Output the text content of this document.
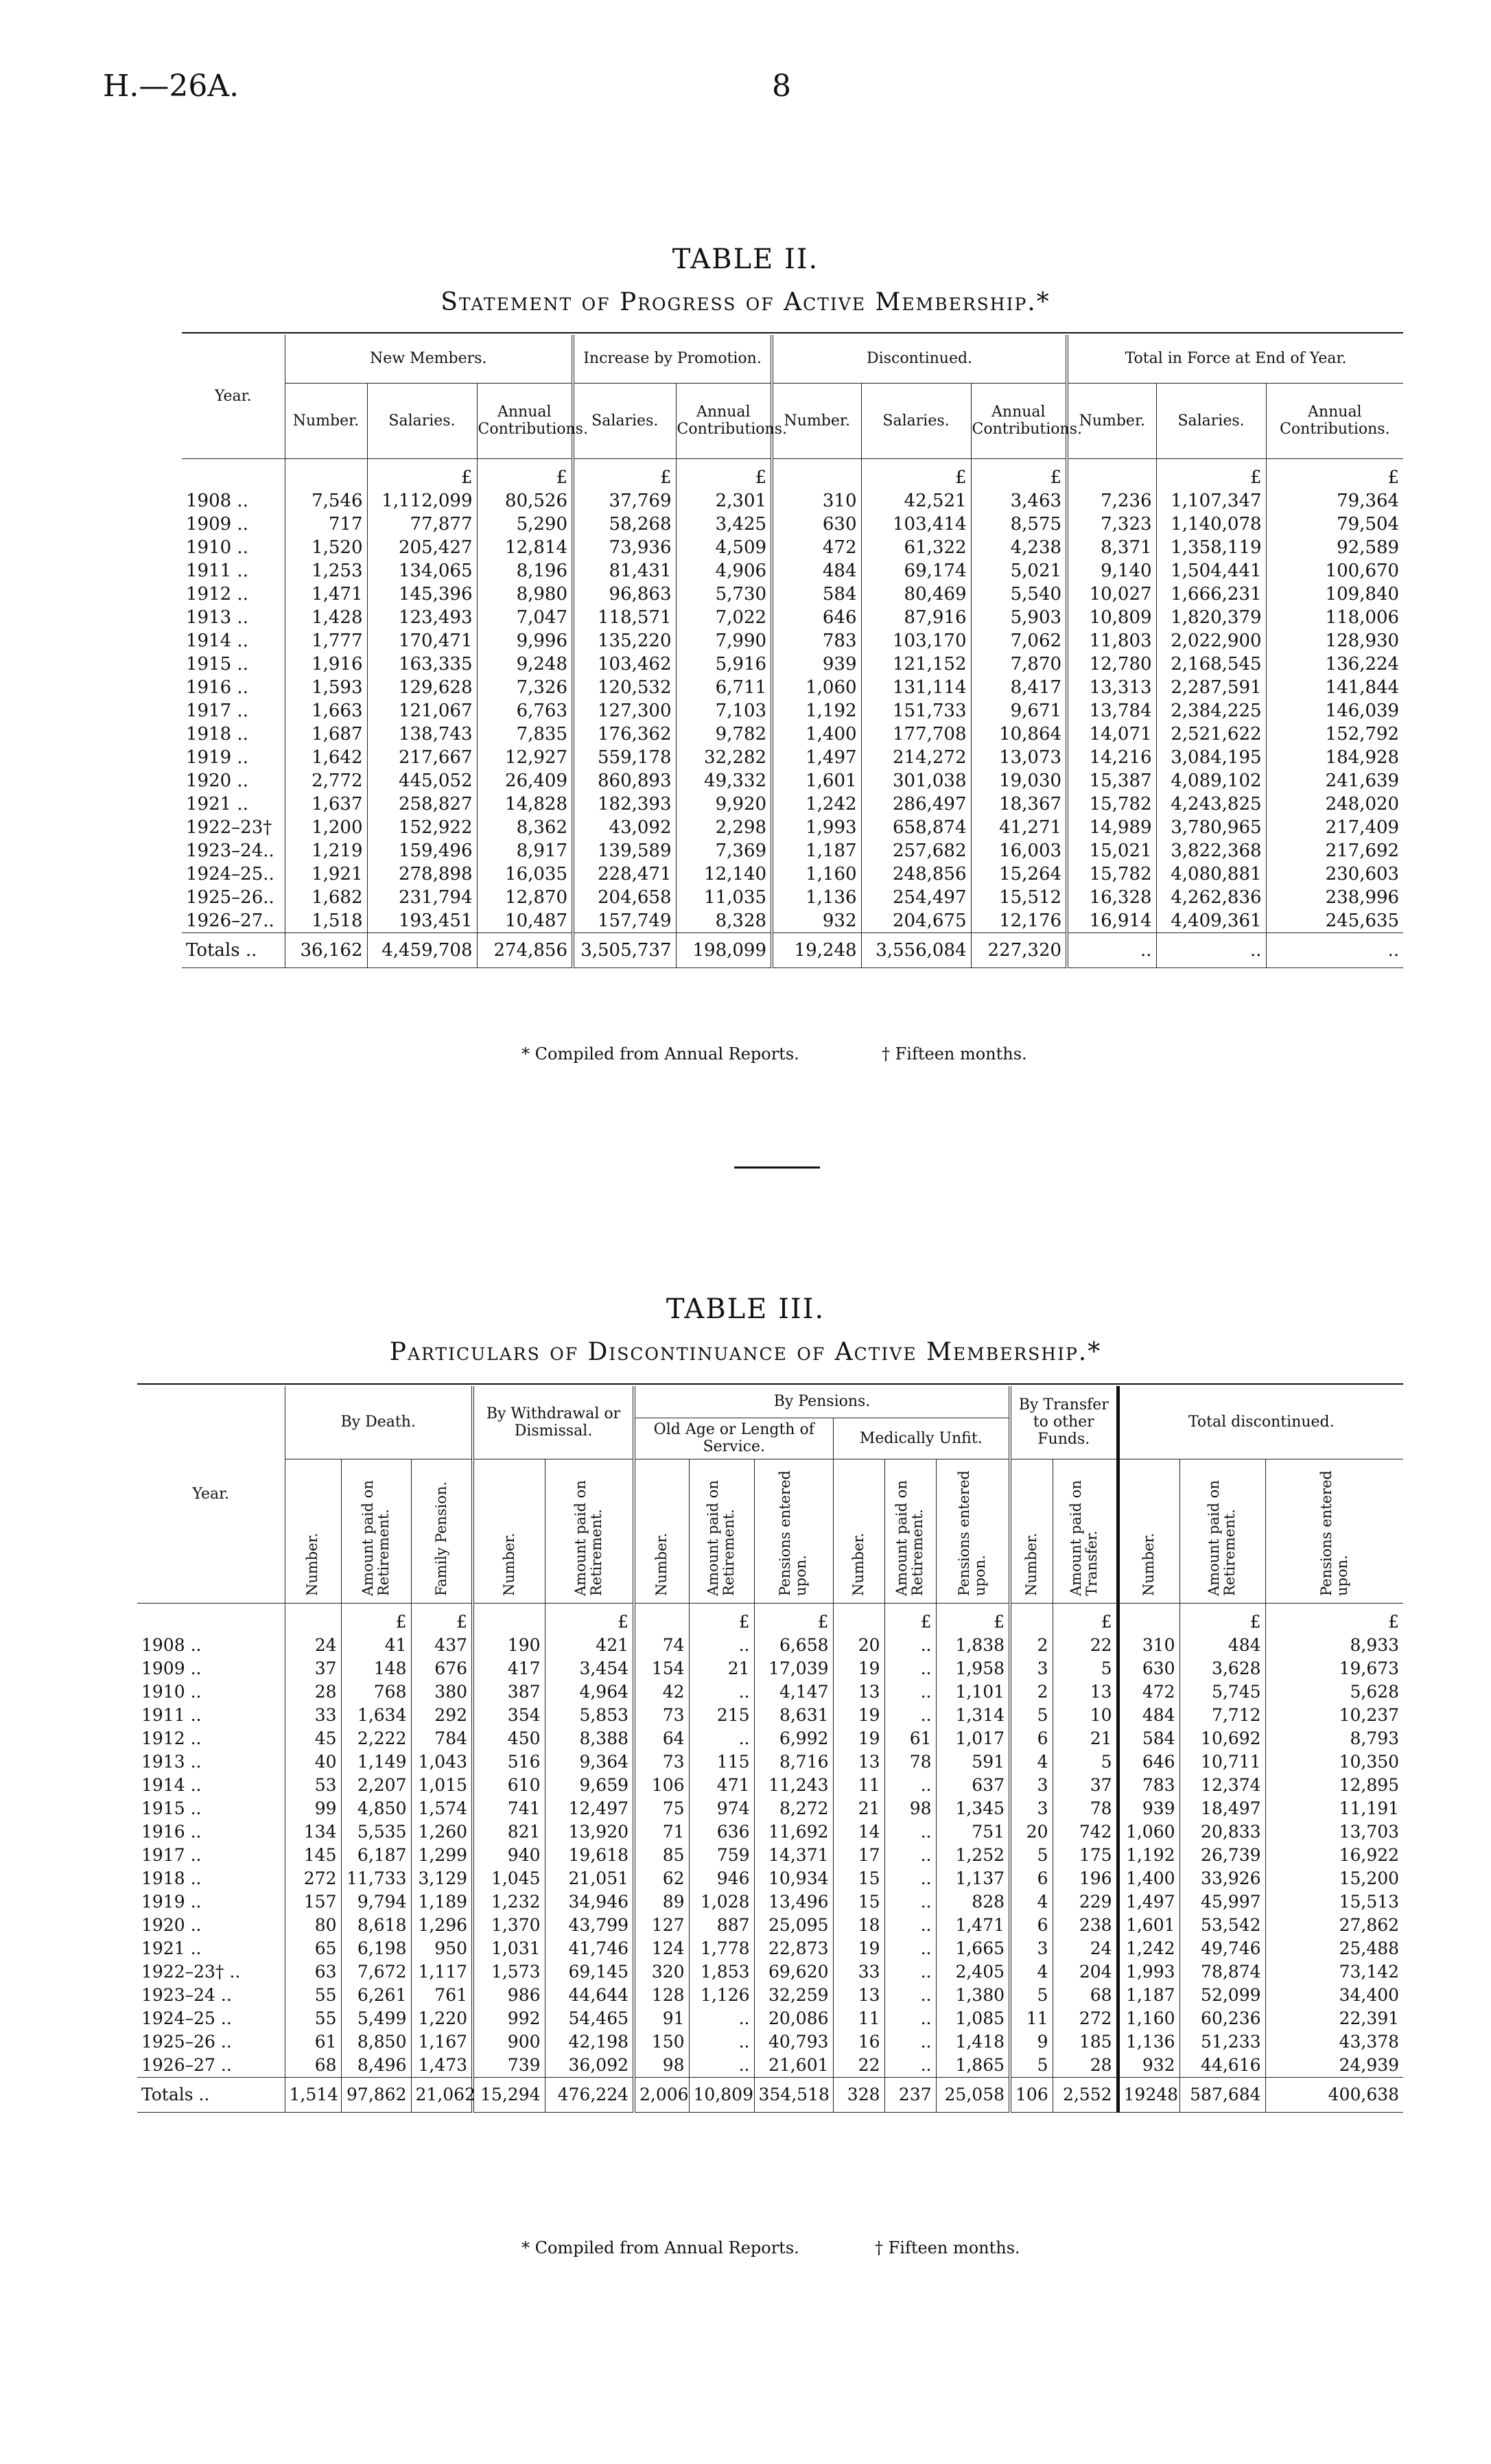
H.—26A.	8
TABLE II.
Statement of Progress of Active Membership.*
Year.	New Members.			Increase by Promotion.		Discontinued.			Total in Force at End of Year.		
	Number.	Salaries.	Annual Contributions.	Salaries.	Annual Contributions.	Number.	Salaries.	Annual Contributions.	Number.	Salaries.	Annual Contributions.
		£	£	£	£		£	£		£	£
1908 ..	7,546	1,112,099	80,526	37,769	2,301	310	42,521	3,463	7,236	1,107,347	79,364
1909 ..	717	77,877	5,290	58,268	3,425	630	103,414	8,575	7,323	1,140,078	79,504
1910 ..	1,520	205,427	12,814	73,936	4,509	472	61,322	4,238	8,371	1,358,119	92,589
1911 ..	1,253	134,065	8,196	81,431	4,906	484	69,174	5,021	9,140	1,504,441	100,670
1912 ..	1,471	145,396	8,980	96,863	5,730	584	80,469	5,540	10,027	1,666,231	109,840
1913 ..	1,428	123,493	7,047	118,571	7,022	646	87,916	5,903	10,809	1,820,379	118,006
1914 ..	1,777	170,471	9,996	135,220	7,990	783	103,170	7,062	11,803	2,022,900	128,930
1915 ..	1,916	163,335	9,248	103,462	5,916	939	121,152	7,870	12,780	2,168,545	136,224
1916 ..	1,593	129,628	7,326	120,532	6,711	1,060	131,114	8,417	13,313	2,287,591	141,844
1917 ..	1,663	121,067	6,763	127,300	7,103	1,192	151,733	9,671	13,784	2,384,225	146,039
1918 ..	1,687	138,743	7,835	176,362	9,782	1,400	177,708	10,864	14,071	2,521,622	152,792
1919 ..	1,642	217,667	12,927	559,178	32,282	1,497	214,272	13,073	14,216	3,084,195	184,928
1920 ..	2,772	445,052	26,409	860,893	49,332	1,601	301,038	19,030	15,387	4,089,102	241,639
1921 ..	1,637	258,827	14,828	182,393	9,920	1,242	286,497	18,367	15,782	4,243,825	248,020
1922–23†	1,200	152,922	8,362	43,092	2,298	1,993	658,874	41,271	14,989	3,780,965	217,409
1923–24..	1,219	159,496	8,917	139,589	7,369	1,187	257,682	16,003	15,021	3,822,368	217,692
1924–25..	1,921	278,898	16,035	228,471	12,140	1,160	248,856	15,264	15,782	4,080,881	230,603
1925–26..	1,682	231,794	12,870	204,658	11,035	1,136	254,497	15,512	16,328	4,262,836	238,996
1926–27..	1,518	193,451	10,487	157,749	8,328	932	204,675	12,176	16,914	4,409,361	245,635
Totals ..	36,162	4,459,708	274,856	3,505,737	198,099	19,248	3,556,084	227,320	..	..	..
* Compiled from Annual Reports.	† Fifteen months.
TABLE III.
Particulars of Discontinuance of Active Membership.*
Year.	By Death.			By Withdrawal or Dismissal.		By Pensions.						By Transfer to other Funds.		Total discontinued.		
						Old Age or Length of Service.			Medically Unfit.							

	Number.	Amount paid on Retirement.	Family Pension.	Number.	Amount paid on Retirement.	Number.	Amount paid on Retirement.	Pensions entered upon.	Number.	Amount paid on Retirement.	Pensions entered upon.	Number.	Amount paid on Transfer.	Number.	Amount paid on Retirement.	Pensions entered upon.

		£	£		£		£	£		£	£		£		£	£
1908 ..	24	41	437	190	421	74	..	6,658	20	..	1,838	2	22	310	484	8,933
1909 ..	37	148	676	417	3,454	154	21	17,039	19	..	1,958	3	5	630	3,628	19,673
1910 ..	28	768	380	387	4,964	42	..	4,147	13	..	1,101	2	13	472	5,745	5,628
1911 ..	33	1,634	292	354	5,853	73	215	8,631	19	..	1,314	5	10	484	7,712	10,237
1912 ..	45	2,222	784	450	8,388	64	..	6,992	19	61	1,017	6	21	584	10,692	8,793
1913 ..	40	1,149	1,043	516	9,364	73	115	8,716	13	78	591	4	5	646	10,711	10,350
1914 ..	53	2,207	1,015	610	9,659	106	471	11,243	11	..	637	3	37	783	12,374	12,895
1915 ..	99	4,850	1,574	741	12,497	75	974	8,272	21	98	1,345	3	78	939	18,497	11,191
1916 ..	134	5,535	1,260	821	13,920	71	636	11,692	14	..	751	20	742	1,060	20,833	13,703
1917 ..	145	6,187	1,299	940	19,618	85	759	14,371	17	..	1,252	5	175	1,192	26,739	16,922
1918 ..	272	11,733	3,129	1,045	21,051	62	946	10,934	15	..	1,137	6	196	1,400	33,926	15,200
1919 ..	157	9,794	1,189	1,232	34,946	89	1,028	13,496	15	..	828	4	229	1,497	45,997	15,513
1920 ..	80	8,618	1,296	1,370	43,799	127	887	25,095	18	..	1,471	6	238	1,601	53,542	27,862
1921 ..	65	6,198	950	1,031	41,746	124	1,778	22,873	19	..	1,665	3	24	1,242	49,746	25,488
1922–23† ..	63	7,672	1,117	1,573	69,145	320	1,853	69,620	33	..	2,405	4	204	1,993	78,874	73,142
1923–24 ..	55	6,261	761	986	44,644	128	1,126	32,259	13	..	1,380	5	68	1,187	52,099	34,400
1924–25 ..	55	5,499	1,220	992	54,465	91	..	20,086	11	..	1,085	11	272	1,160	60,236	22,391
1925–26 ..	61	8,850	1,167	900	42,198	150	..	40,793	16	..	1,418	9	185	1,136	51,233	43,378
1926–27 ..	68	8,496	1,473	739	36,092	98	..	21,601	22	..	1,865	5	28	932	44,616	24,939
Totals ..	1,514	97,862	21,062	15,294	476,224	2,006	10,809	354,518	328	237	25,058	106	2,552	19248	587,684	400,638
* Compiled from Annual Reports.	† Fifteen months.
